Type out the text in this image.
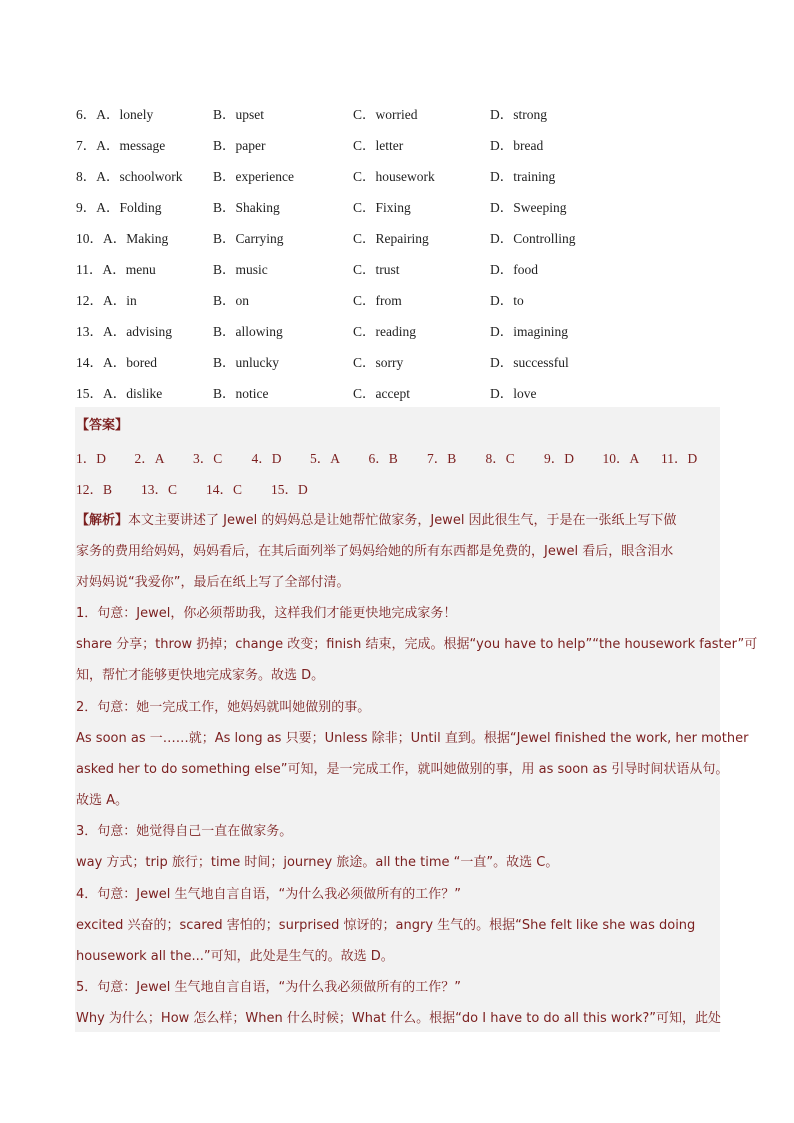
6．A．lonely	B．upset	C．worried	D．strong
7．A．message	B．paper	C．letter	D．bread
8．A．schoolwork B．experience	C．housework	D．training
9．A．Folding	B．Shaking	C．Fixing	D．Sweeping
10．A．Making	B．Carrying	C．Repairing	D．Controlling
11．A．menu	B．music	C．trust	D．food
12．A．in	B．on	C．from	D．to
13．A．advising	B．allowing	C．reading	D．imagining
14．A．bored	B．unlucky	C．sorry	D．successful
15．A．dislike	B．notice	C．accept	D．love
【答案】
1．D 2．A 3．C 4．D 5．A 6．B 7．B 8．C 9．D 10．A 11．D
12．B 13．C 14．C 15．D
【解析】本文主要讲述了 Jewel 的妈妈总是让她帮忙做家务，Jewel 因此很生气，于是在一张纸上写下做
家务的费用给妈妈，妈妈看后，在其后面列举了妈妈给她的所有东西都是免费的，Jewel 看后，眼含泪水
对妈妈说“我爱你”，最后在纸上写了全部付清。
1．句意：Jewel，你必须帮助我，这样我们才能更快地完成家务！
share 分享；throw 扔掉；change 改变；finish 结束，完成。根据“you have to help”“the housework faster”可
知，帮忙才能够更快地完成家务。故选 D。
2．句意：她一完成工作，她妈妈就叫她做别的事。
As soon as 一……就；As long as 只要；Unless 除非；Until 直到。根据“Jewel finished the work, her mother
asked her to do something else”可知，是一完成工作，就叫她做别的事，用 as soon as 引导时间状语从句。
故选 A。
3．句意：她觉得自己一直在做家务。
way 方式；trip 旅行；time 时间；journey 旅途。all the time “一直”。故选 C。
4．句意：Jewel 生气地自言自语，“为什么我必须做所有的工作？”
excited 兴奋的；scared 害怕的；surprised 惊讶的；angry 生气的。根据“She felt like she was doing
housework all the...”可知，此处是生气的。故选 D。
5．句意：Jewel 生气地自言自语，“为什么我必须做所有的工作？”
Why 为什么；How 怎么样；When 什么时候；What 什么。根据“do I have to do all this work?”可知，此处
